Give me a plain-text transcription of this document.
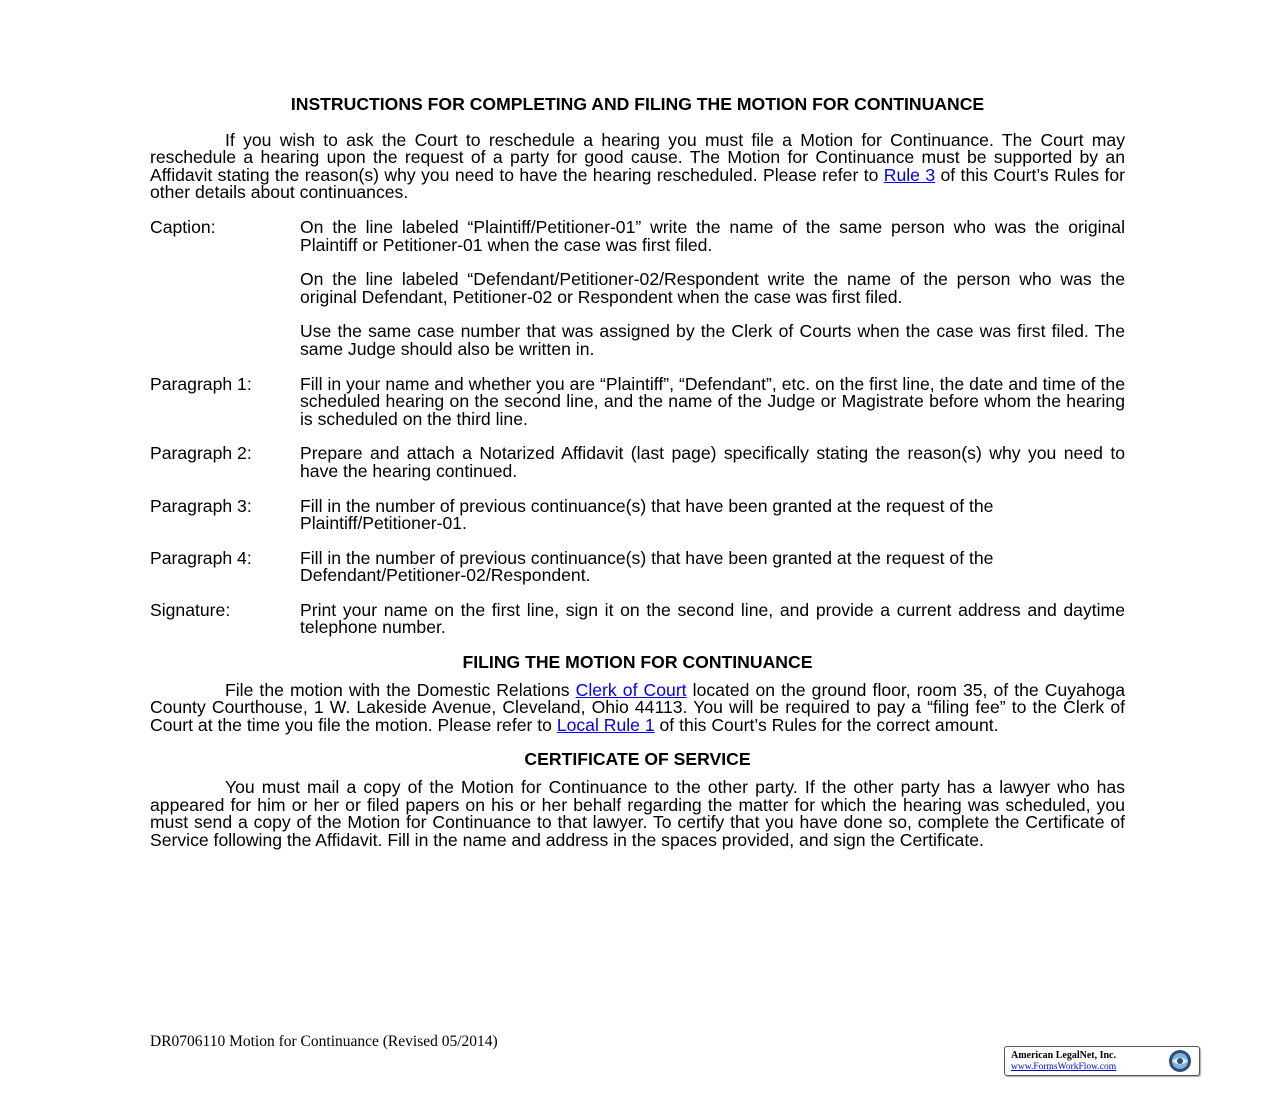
INSTRUCTIONS FOR COMPLETING AND FILING THE MOTION FOR CONTINUANCE

If you wish to ask the Court to reschedule a hearing you must file a Motion for Continuance. The Court may reschedule a hearing upon the request of a party for good cause. The Motion for Continuance must be supported by an Affidavit stating the reason(s) why you need to have the hearing rescheduled. Please refer to Rule 3 of this Court’s Rules for other details about continuances.

Caption:	On the line labeled “Plaintiff/Petitioner-01” write the name of the same person who was the original Plaintiff or Petitioner-01 when the case was first filed.

On the line labeled “Defendant/Petitioner-02/Respondent write the name of the person who was the original Defendant, Petitioner-02 or Respondent when the case was first filed.

Use the same case number that was assigned by the Clerk of Courts when the case was first filed. The same Judge should also be written in.

Paragraph 1:	Fill in your name and whether you are “Plaintiff”, “Defendant”, etc. on the first line, the date and time of the scheduled hearing on the second line, and the name of the Judge or Magistrate before whom the hearing is scheduled on the third line.

Paragraph 2:	Prepare and attach a Notarized Affidavit (last page) specifically stating the reason(s) why you need to have the hearing continued.

Paragraph 3:	Fill in the number of previous continuance(s) that have been granted at the request of the Plaintiff/Petitioner-01.

Paragraph 4:	Fill in the number of previous continuance(s) that have been granted at the request of the Defendant/Petitioner-02/Respondent.

Signature:	Print your name on the first line, sign it on the second line, and provide a current address and daytime telephone number.

FILING THE MOTION FOR CONTINUANCE

File the motion with the Domestic Relations Clerk of Court located on the ground floor, room 35, of the Cuyahoga County Courthouse, 1 W. Lakeside Avenue, Cleveland, Ohio 44113. You will be required to pay a “filing fee” to the Clerk of Court at the time you file the motion. Please refer to Local Rule 1 of this Court’s Rules for the correct amount.

CERTIFICATE OF SERVICE

You must mail a copy of the Motion for Continuance to the other party. If the other party has a lawyer who has appeared for him or her or filed papers on his or her behalf regarding the matter for which the hearing was scheduled, you must send a copy of the Motion for Continuance to that lawyer. To certify that you have done so, complete the Certificate of Service following the Affidavit. Fill in the name and address in the spaces provided, and sign the Certificate.

DR0706110 Motion for Continuance (Revised 05/2014)
American LegalNet, Inc.
www.FormsWorkFlow.com
